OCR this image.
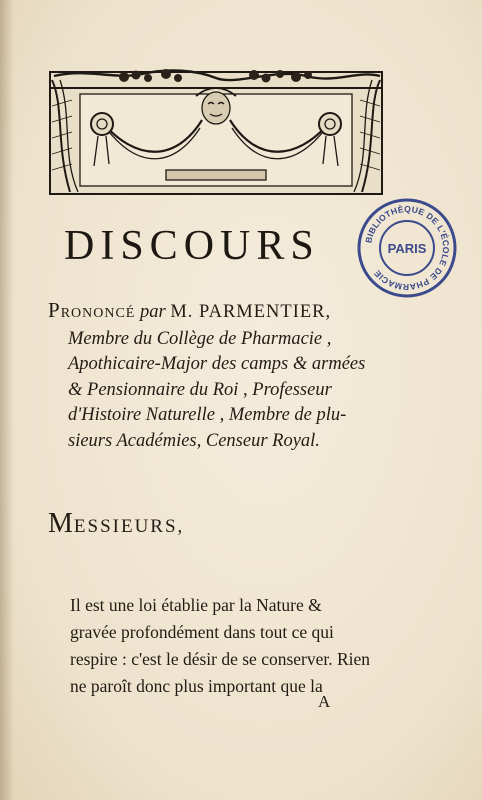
DISCOURS	BIBLIOTHÈQUE DE L'ÉCOLE DE PHARMACIE
PARIS
PRONONCÉ par M. PARMENTIER,
Membre du Collège de Pharmacie ,
Apothicaire-Major des camps & armées
& Pensionnaire du Roi , Professeur
d'Histoire Naturelle , Membre de plu-
sieurs Académies, Censeur Royal.
MESSIEURS,
Il est une loi établie par la Nature &
gravée profondément dans tout ce qui
respire : c'est le désir de se conserver. Rien
ne paroît donc plus important que la
A
